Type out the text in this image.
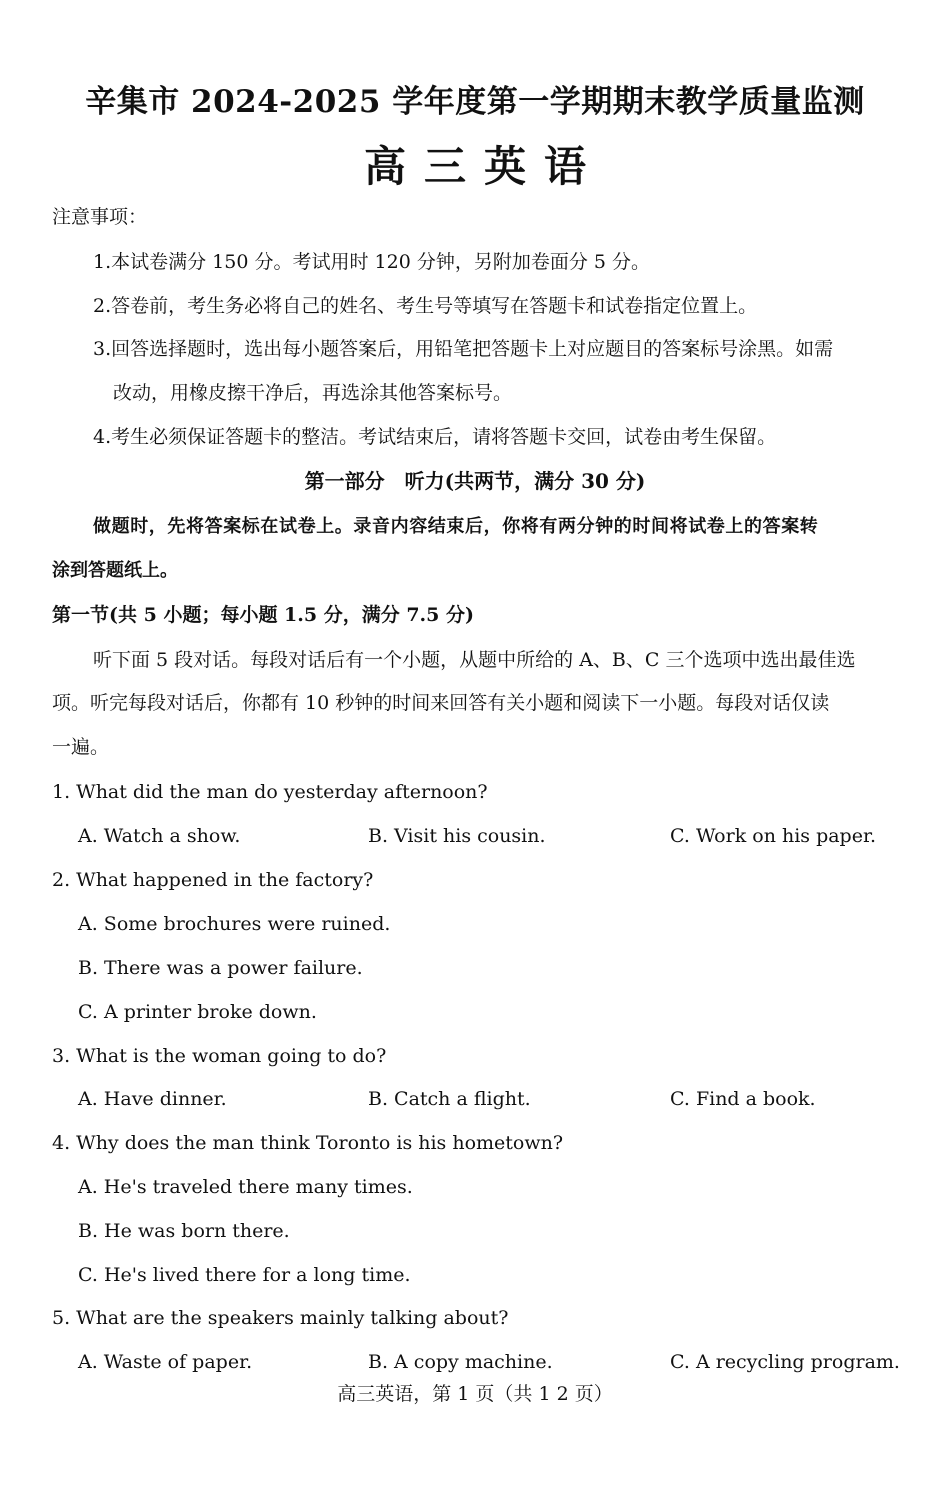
辛集市 2024-2025 学年度第一学期期末教学质量监测
高三英语
注意事项：
1.本试卷满分 150 分。考试用时 120 分钟，另附加卷面分 5 分。
2.答卷前，考生务必将自己的姓名、考生号等填写在答题卡和试卷指定位置上。
3.回答选择题时，选出每小题答案后，用铅笔把答题卡上对应题目的答案标号涂黑。如需
改动，用橡皮擦干净后，再选涂其他答案标号。
4.考生必须保证答题卡的整洁。考试结束后，请将答题卡交回，试卷由考生保留。
第一部分　听力(共两节，满分 30 分)
做题时，先将答案标在试卷上。录音内容结束后，你将有两分钟的时间将试卷上的答案转
涂到答题纸上。
第一节(共 5 小题；每小题 1.5 分，满分 7.5 分)
听下面 5 段对话。每段对话后有一个小题，从题中所给的 A、B、C 三个选项中选出最佳选
项。听完每段对话后，你都有 10 秒钟的时间来回答有关小题和阅读下一小题。每段对话仅读
一遍。
1. What did the man do yesterday afternoon?
A. Watch a show.	B. Visit his cousin.	C. Work on his paper.
2. What happened in the factory?
A. Some brochures were ruined.
B. There was a power failure.
C. A printer broke down.
3. What is the woman going to do?
A. Have dinner.	B. Catch a flight.	C. Find a book.
4. Why does the man think Toronto is his hometown?
A. He's traveled there many times.
B. He was born there.
C. He's lived there for a long time.
5. What are the speakers mainly talking about?
A. Waste of paper.	B. A copy machine.	C. A recycling program.
高三英语，第 1 页（共 1 2 页）
